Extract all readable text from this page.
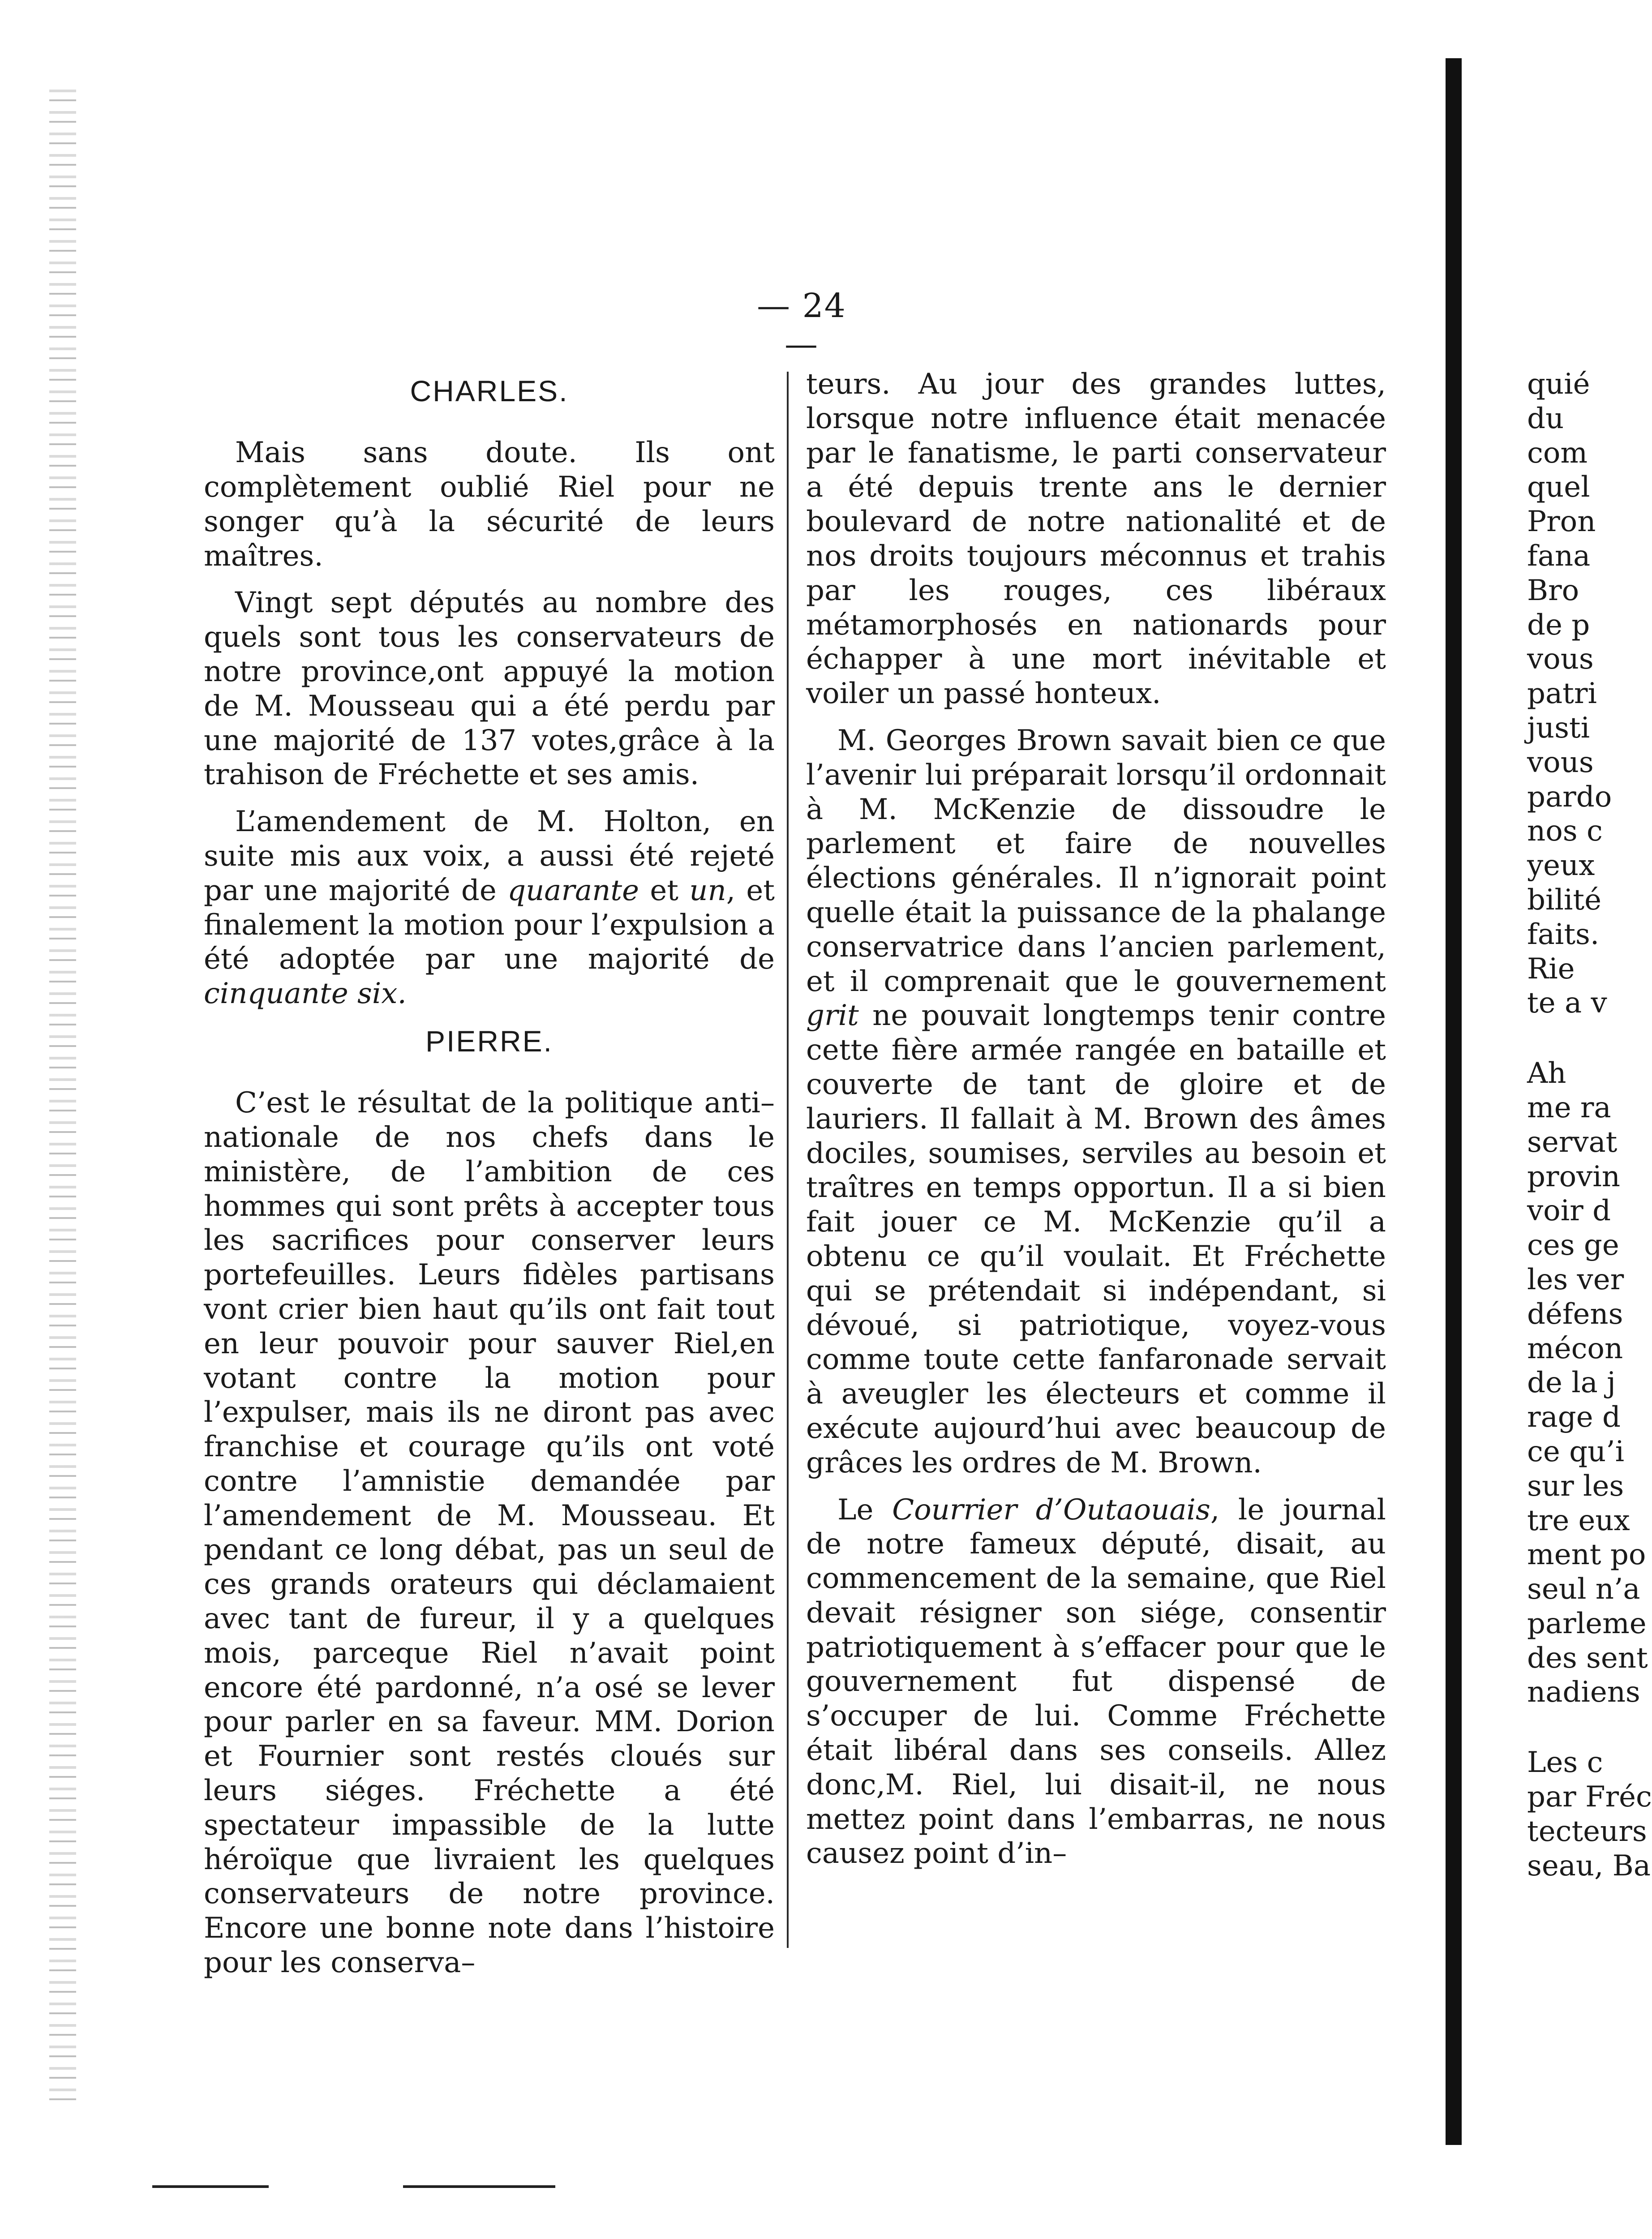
— 24 —

CHARLES.

Mais sans doute. Ils ont complètement oublié Riel pour ne songer qu’à la sécurité de leurs maîtres.

Vingt sept députés au nombre des quels sont tous les conservateurs de notre province,ont appuyé la motion de M. Mousseau qui a été perdu par une majorité de 137 votes,grâce à la trahison de Fréchette et ses amis.

L’amendement de M. Holton, en suite mis aux voix, a aussi été rejeté par une majorité de quarante et un, et finalement la motion pour l’expulsion a été adoptée par une majorité de cinquante six.

PIERRE.

C’est le résultat de la politique anti–nationale de nos chefs dans le ministère, de l’ambition de ces hommes qui sont prêts à accepter tous les sacrifices pour conserver leurs portefeuilles. Leurs fidèles partisans vont crier bien haut qu’ils ont fait tout en leur pouvoir pour sauver Riel,en votant contre la motion pour l’expulser, mais ils ne diront pas avec franchise et courage qu’ils ont voté contre l’amnistie demandée par l’amendement de M. Mousseau. Et pendant ce long débat, pas un seul de ces grands orateurs qui déclamaient avec tant de fureur, il y a quelques mois, parceque Riel n’avait point encore été pardonné, n’a osé se lever pour parler en sa faveur. MM. Dorion et Fournier sont restés cloués sur leurs siéges. Fréchette a été spectateur impassible de la lutte héroïque que livraient les quelques conservateurs de notre province. Encore une bonne note dans l’histoire pour les conserva–

teurs. Au jour des grandes luttes, lorsque notre influence était menacée par le fanatisme, le parti conservateur a été depuis trente ans le dernier boulevard de notre nationalité et de nos droits toujours méconnus et trahis par les rouges, ces libéraux métamorphosés en nationards pour échapper à une mort inévitable et voiler un passé honteux.

M. Georges Brown savait bien ce que l’avenir lui préparait lorsqu’il ordonnait à M. McKenzie de dissoudre le parlement et faire de nouvelles élections générales. Il n’ignorait point quelle était la puissance de la phalange conservatrice dans l’ancien parlement, et il comprenait que le gouvernement grit ne pouvait longtemps tenir contre cette fière armée rangée en bataille et couverte de tant de gloire et de lauriers. Il fallait à M. Brown des âmes dociles, soumises, serviles au besoin et traîtres en temps opportun. Il a si bien fait jouer ce M. McKenzie qu’il a obtenu ce qu’il voulait. Et Fréchette qui se prétendait si indépendant, si dévoué, si patriotique, voyez-vous comme toute cette fanfaronade servait à aveugler les électeurs et comme il exécute aujourd’hui avec beaucoup de grâces les ordres de M. Brown.

Le Courrier d’Outaouais, le journal de notre fameux député, disait, au commencement de la semaine, que Riel devait résigner son siége, consentir patriotiquement à s’effacer pour que le gouvernement fut dispensé de s’occuper de lui. Comme Fréchette était libéral dans ses conseils. Allez donc,M. Riel, lui disait-il, ne nous mettez point dans l’embarras, ne nous causez point d’in–

quié
du
com
quel
Pron
fana
Bro
de p
vous
patri
justi
vous
pardo
nos c
yeux
bilité
faits.
Rie
te a v
Ah
me ra
servat
provin
voir d
ces ge
les ver
défens
mécon
de la j
rage d
ce qu’i
sur les
tre eux
ment po
seul n’a
parleme
des sent
nadiens
Les c
par Fréc
tecteurs
seau, Ba
